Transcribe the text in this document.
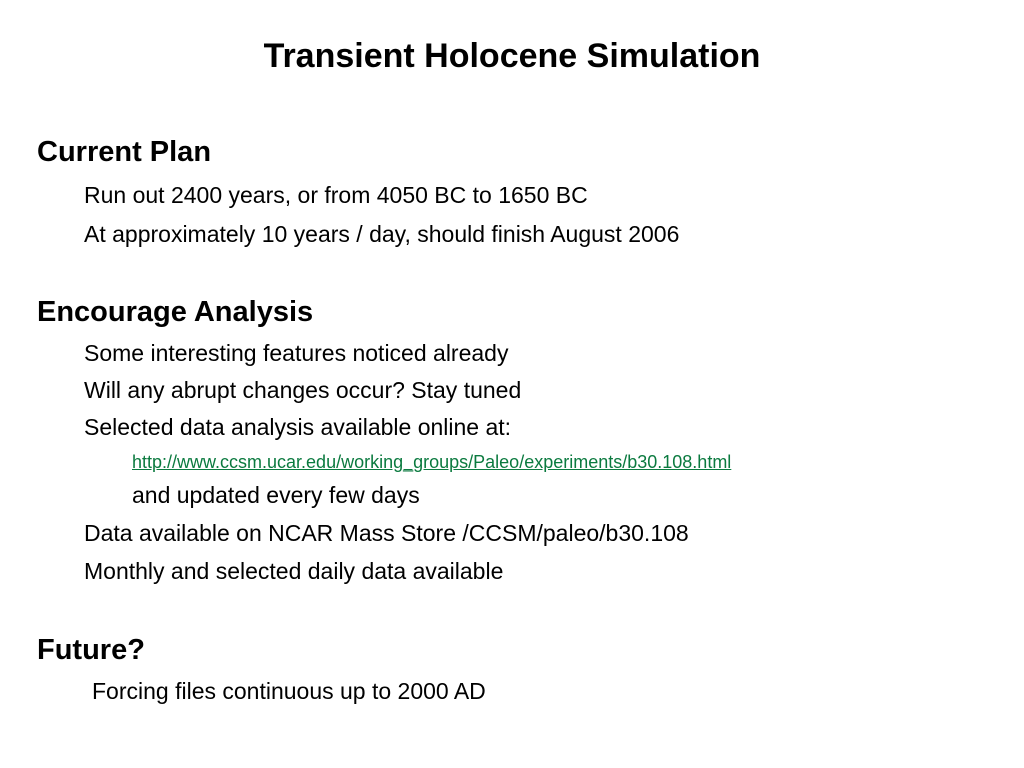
Transient Holocene Simulation
Current Plan
Run out 2400 years, or from 4050 BC to 1650 BC
At approximately 10 years / day, should finish August 2006
Encourage Analysis
Some interesting features noticed already
Will any abrupt changes occur? Stay tuned
Selected data analysis available online at:
http://www.ccsm.ucar.edu/working_groups/Paleo/experiments/b30.108.html
and updated every few days
Data available on NCAR Mass Store /CCSM/paleo/b30.108
Monthly and selected daily data available
Future?
Forcing files continuous up to 2000 AD
